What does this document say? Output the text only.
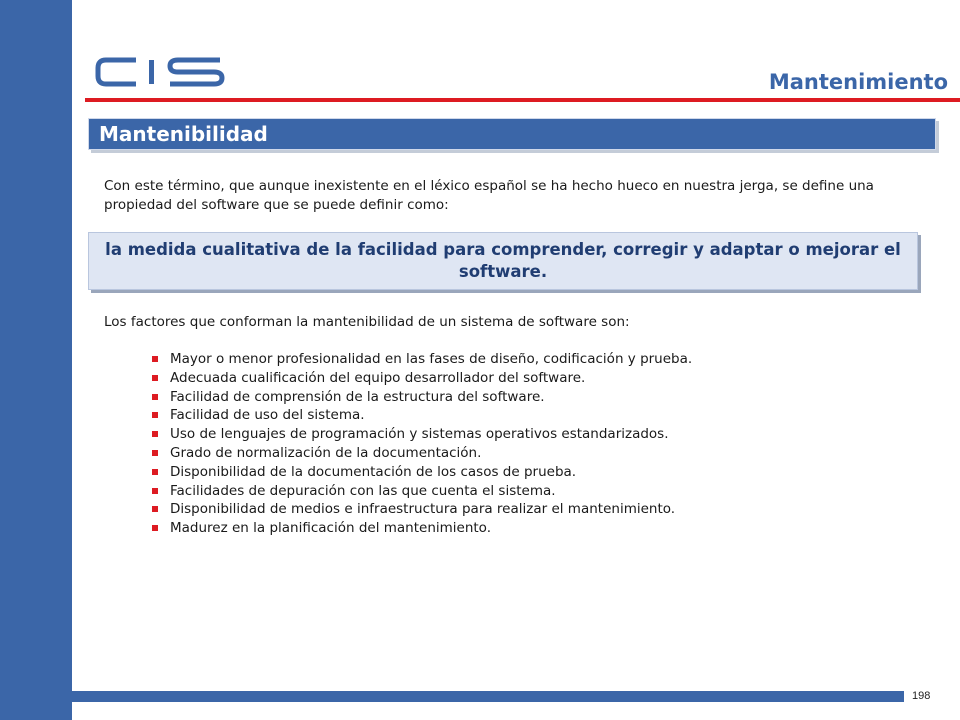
Mantenimiento
Mantenibilidad
Con este término, que aunque inexistente en el léxico español se ha hecho hueco en nuestra jerga, se define una propiedad del software que se puede definir como:
la medida cualitativa de la facilidad para comprender, corregir y adaptar o mejorar el software.
Los factores que conforman la mantenibilidad de un sistema de software son:
Mayor o menor profesionalidad en las fases de diseño, codificación y prueba.
Adecuada cualificación del equipo desarrollador del software.
Facilidad de comprensión de la estructura del software.
Facilidad de uso del sistema.
Uso de lenguajes de programación y sistemas operativos estandarizados.
Grado de normalización de la documentación.
Disponibilidad de la documentación de los casos de prueba.
Facilidades de depuración con las que cuenta el sistema.
Disponibilidad de medios e infraestructura para realizar el mantenimiento.
Madurez en la planificación del mantenimiento.
198
